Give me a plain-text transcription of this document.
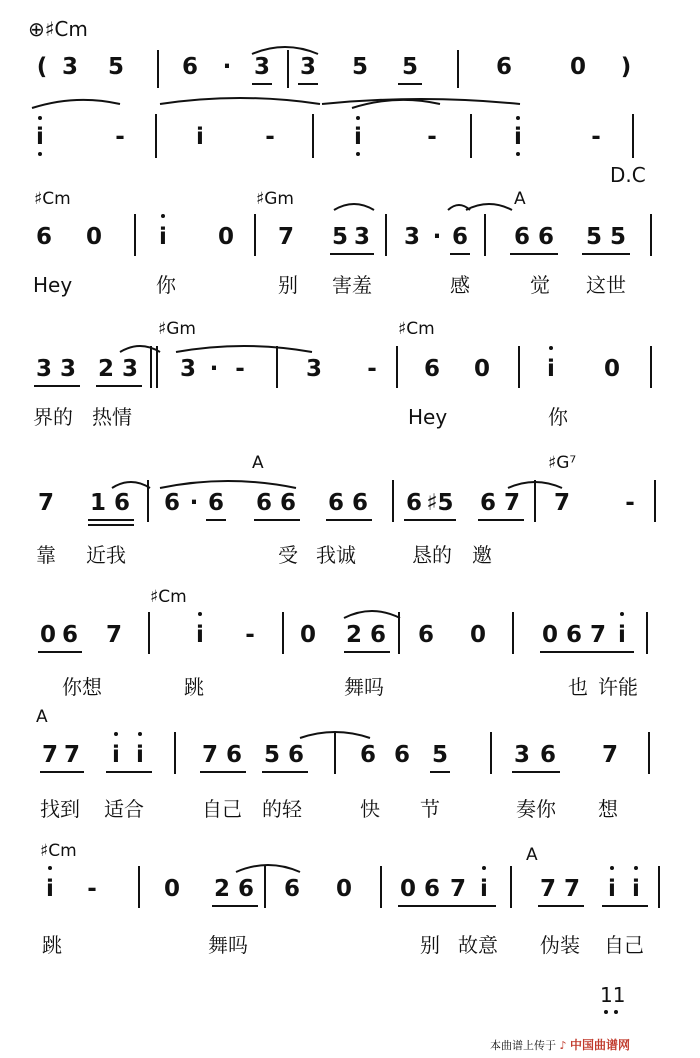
⊕♯Cm
( 3 5	6 · 3 3 5 5	6	0 )
i	-	i	-	i	-	i	-
D.C
♯Cm	♯Gm	A
6 0 i 0 7 5 3 3 · 6 6 6 5 5
Hey	你	别 害羞	感	觉 这世
♯Gm	♯Cm
3 3 2 3 3 · -	3 - 6 0 i 0
界的 热情	Hey	你
A	♯G⁷
7 1 6 6 · 6 6 6 6 6 6 ♯5 6 7 7 -
靠 近我	受 我诚	恳的 邀
♯Cm
0 6 7	i - 0 2 6 6 0 0 6 7 i
你想	跳	舞吗	也 许能
A
7 7 i i	7 6 5 6 6 6 5	3 6 7
找到 适合	自己 的轻	快 节	奏你 想
♯Cm	A
i -	0 2 6 6 0 0 6 7 i 7 7 i i
跳	舞吗	别 故意 伪装 自己
11
本曲谱上传于 ♪ 中国曲谱网
